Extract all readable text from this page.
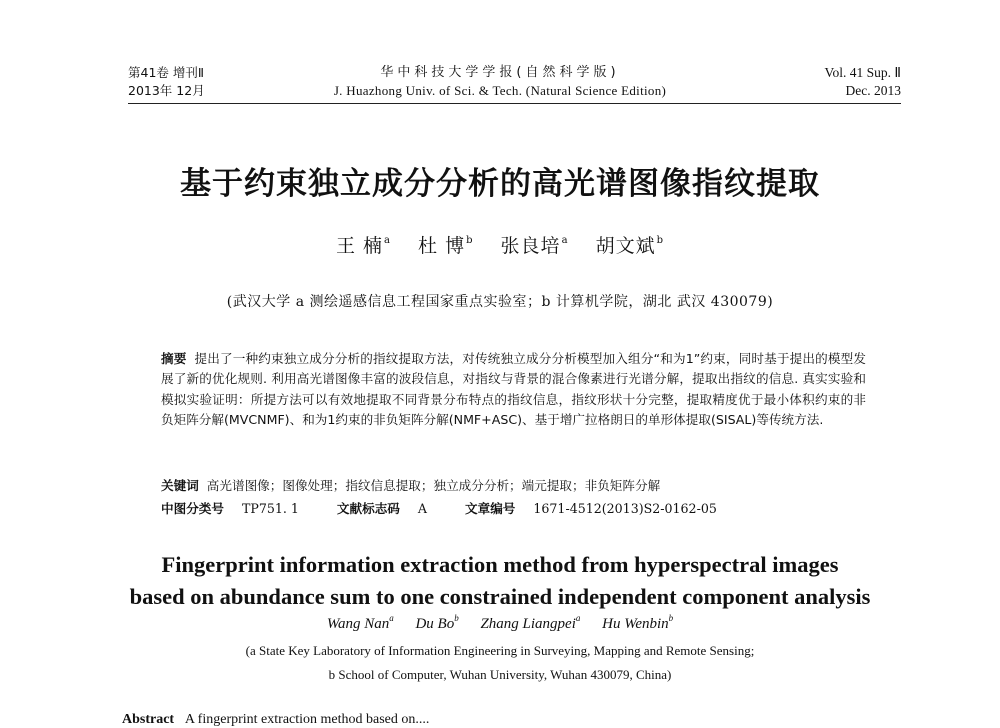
第41卷 增刊Ⅱ
2013年 12月
华中科技大学学报(自然科学版)
J. Huazhong Univ. of Sci. & Tech. (Natural Science Edition)
Vol. 41 Sup. Ⅱ
Dec. 2013
基于约束独立成分分析的高光谱图像指纹提取
王 楠$^a$ 杜 博$^b$ 张良培$^a$ 胡文斌$^b$
(武汉大学 a 测绘遥感信息工程国家重点实验室；b 计算机学院，湖北 武汉 430079)
摘要 提出了一种约束独立成分分析的指纹提取方法，对传统独立成分分析模型加入组分“和为1”约束，同时基于提出的模型发展了新的优化规则. 利用高光谱图像丰富的波段信息，对指纹与背景的混合像素进行光谱分解，提取出指纹的信息. 真实实验和模拟实验证明：所提方法可以有效地提取不同背景分布特点的指纹信息，指纹形状十分完整，提取精度优于最小体积约束的非负矩阵分解(MVCNMF)、和为1约束的非负矩阵分解(NMF+ASC)、基于增广拉格朗日的单形体提取(SISAL)等传统方法.
关键词 高光谱图像；图像处理；指纹信息提取；独立成分分析；端元提取；非负矩阵分解
中图分类号 TP751. 1	文献标志码 A	文章编号 1671-4512(2013)S2-0162-05
Fingerprint information extraction method from hyperspectral images
based on abundance sum to one constrained independent component analysis
Wang Nan$^a$ Du Bo$^b$ Zhang Liangpei$^a$ Hu Wenbin$^b$
(a State Key Laboratory of Information Engineering in Surveying, Mapping and Remote Sensing;
b School of Computer, Wuhan University, Wuhan 430079, China)
Abstract A fingerprint extraction method based on....
